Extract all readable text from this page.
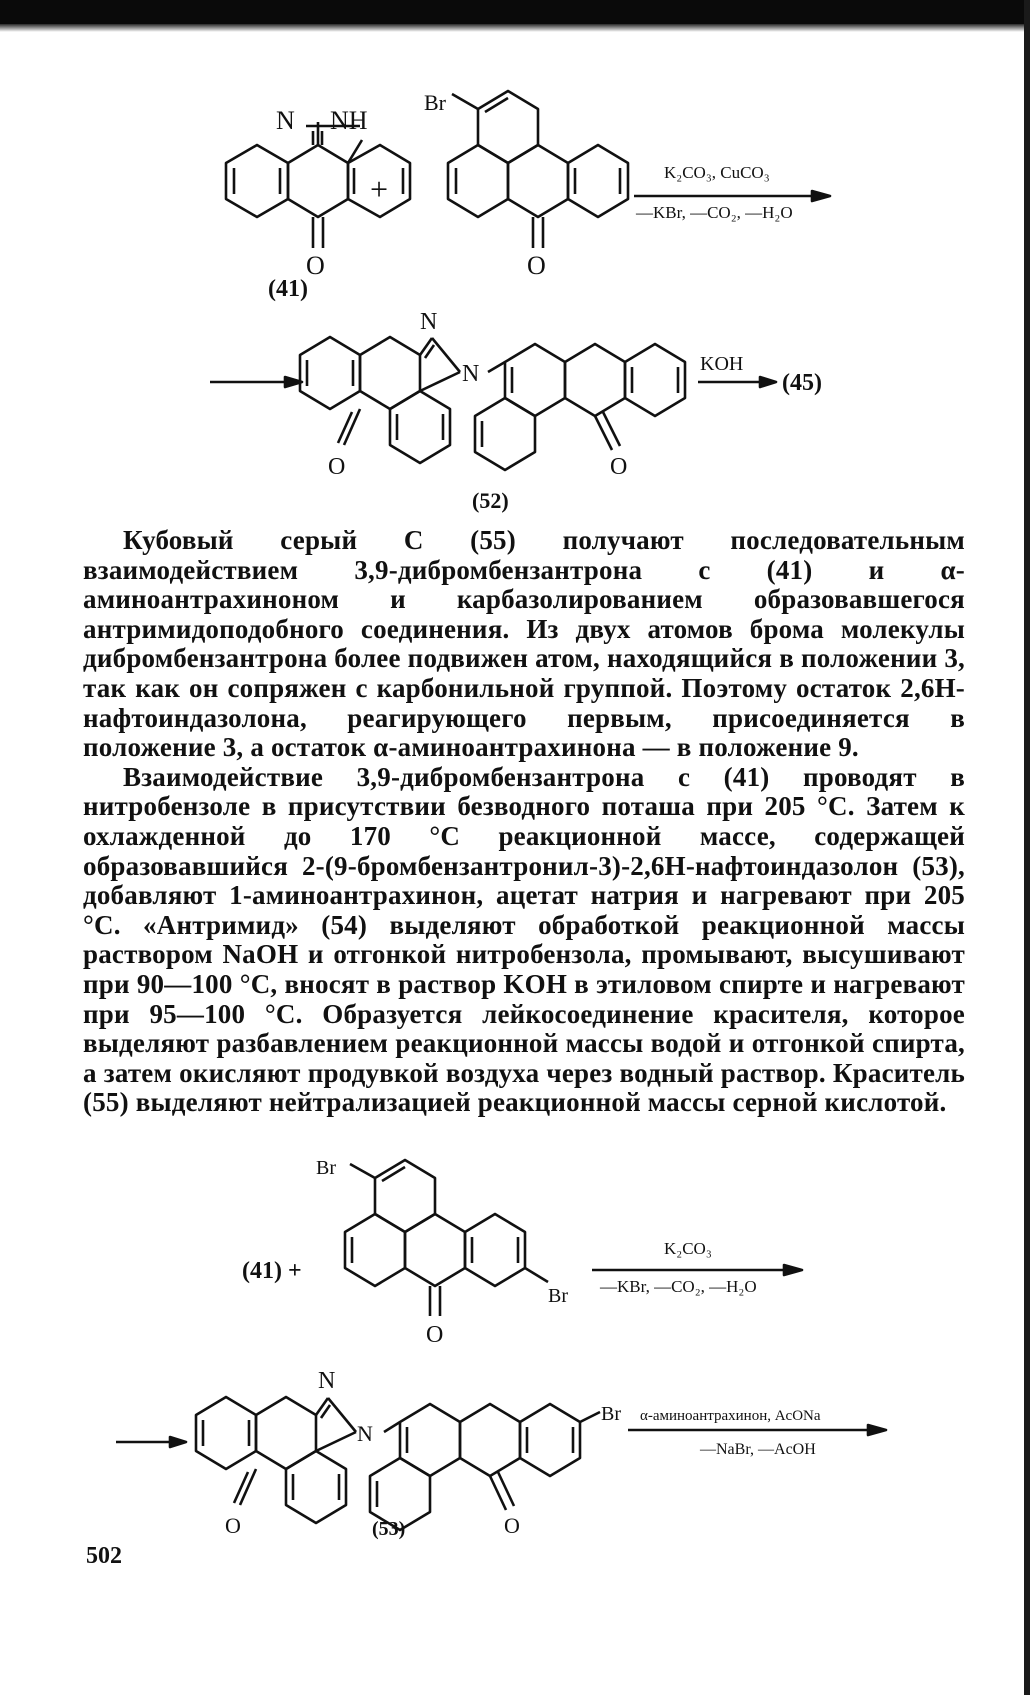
N NH
O
(41)
+
Br
O
K₂CO₃, CuCO₃
—KBr, —CO₂, —H₂O
N
N
O	O
(52)
KOH
(45)

Кубовый серый С (55) получают последовательным взаимодействием 3,9-дибромбензантрона с (41) и α-аминоантрахиноном и карбазолированием образовавшегося антримидоподобного соединения. Из двух атомов брома молекулы дибромбензантрона более подвижен атом, находящийся в положении 3, так как он сопряжен с карбонильной группой. Поэтому остаток 2,6H-нафтоиндазолона, реагирующего первым, присоединяется в положение 3, а остаток α-аминоантрахинона — в положение 9.

Взаимодействие 3,9-дибромбензантрона с (41) проводят в нитробензоле в присутствии безводного поташа при 205 °С. Затем к охлажденной до 170 °С реакционной массе, содержащей образовавшийся 2-(9-бромбензантронил-3)-2,6H-нафтоиндазолон (53), добавляют 1-аминоантрахинон, ацетат натрия и нагревают при 205 °С. «Антримид» (54) выделяют обработкой реакционной массы раствором NaOH и отгонкой нитробензола, промывают, высушивают при 90—100 °С, вносят в раствор KOH в этиловом спирте и нагревают при 95—100 °С. Образуется лейкосоединение красителя, которое выделяют разбавлением реакционной массы водой и отгонкой спирта, а затем окисляют продувкой воздуха через водный раствор. Краситель (55) выделяют нейтрализацией реакционной массы серной кислотой.

(41) +
Br
Br
O
K₂CO₃
—KBr, —CO₂, —H₂O
N
N
Br
O	O
(53)
α-аминоантрахинон, AcONa
—NaBr, —AcOH
502
